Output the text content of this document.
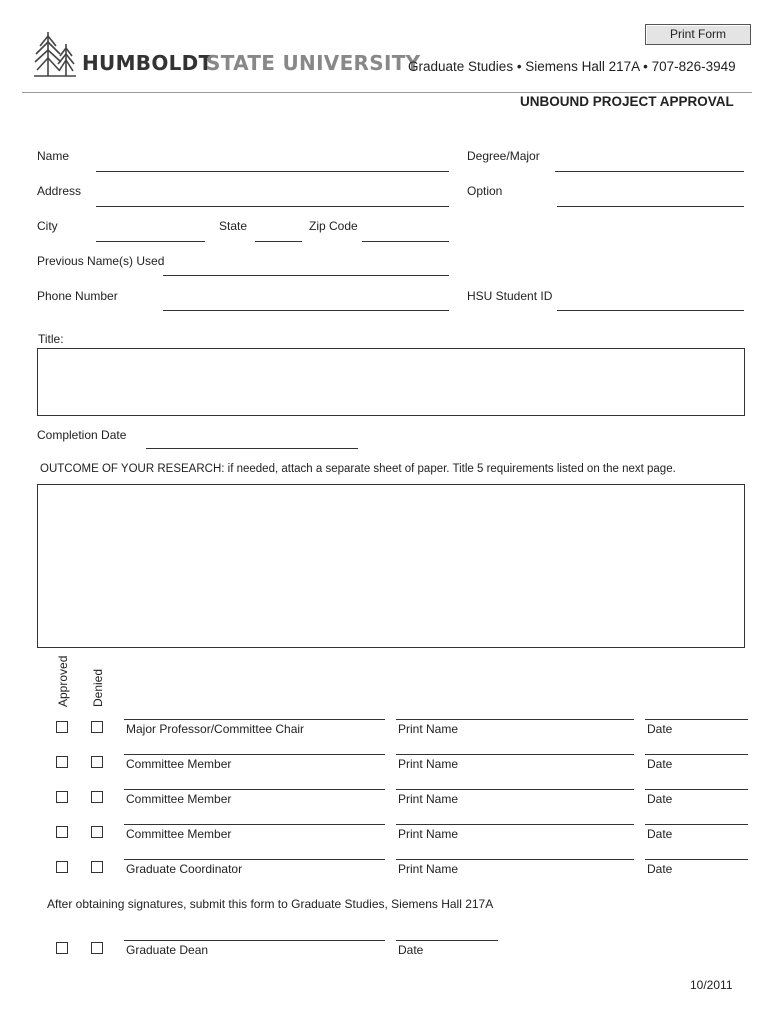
Print Form
HUMBOLDT
STATE UNIVERSITY
Graduate Studies • Siemens Hall 217A • 707-826-3949
UNBOUND PROJECT APPROVAL
Name	Degree/Major
Address	Option
City	State	Zip Code
Previous Name(s) Used
Phone Number	HSU Student ID
Title:
Completion Date
OUTCOME OF YOUR RESEARCH: if needed, attach a separate sheet of paper. Title 5 requirements listed on the next page.
Approved Denied
Major Professor/Committee Chair	Print Name	Date
Committee Member	Print Name	Date
Committee Member	Print Name	Date
Committee Member	Print Name	Date
Graduate Coordinator	Print Name	Date
After obtaining signatures, submit this form to Graduate Studies, Siemens Hall 217A
Graduate Dean	Date
10/2011
